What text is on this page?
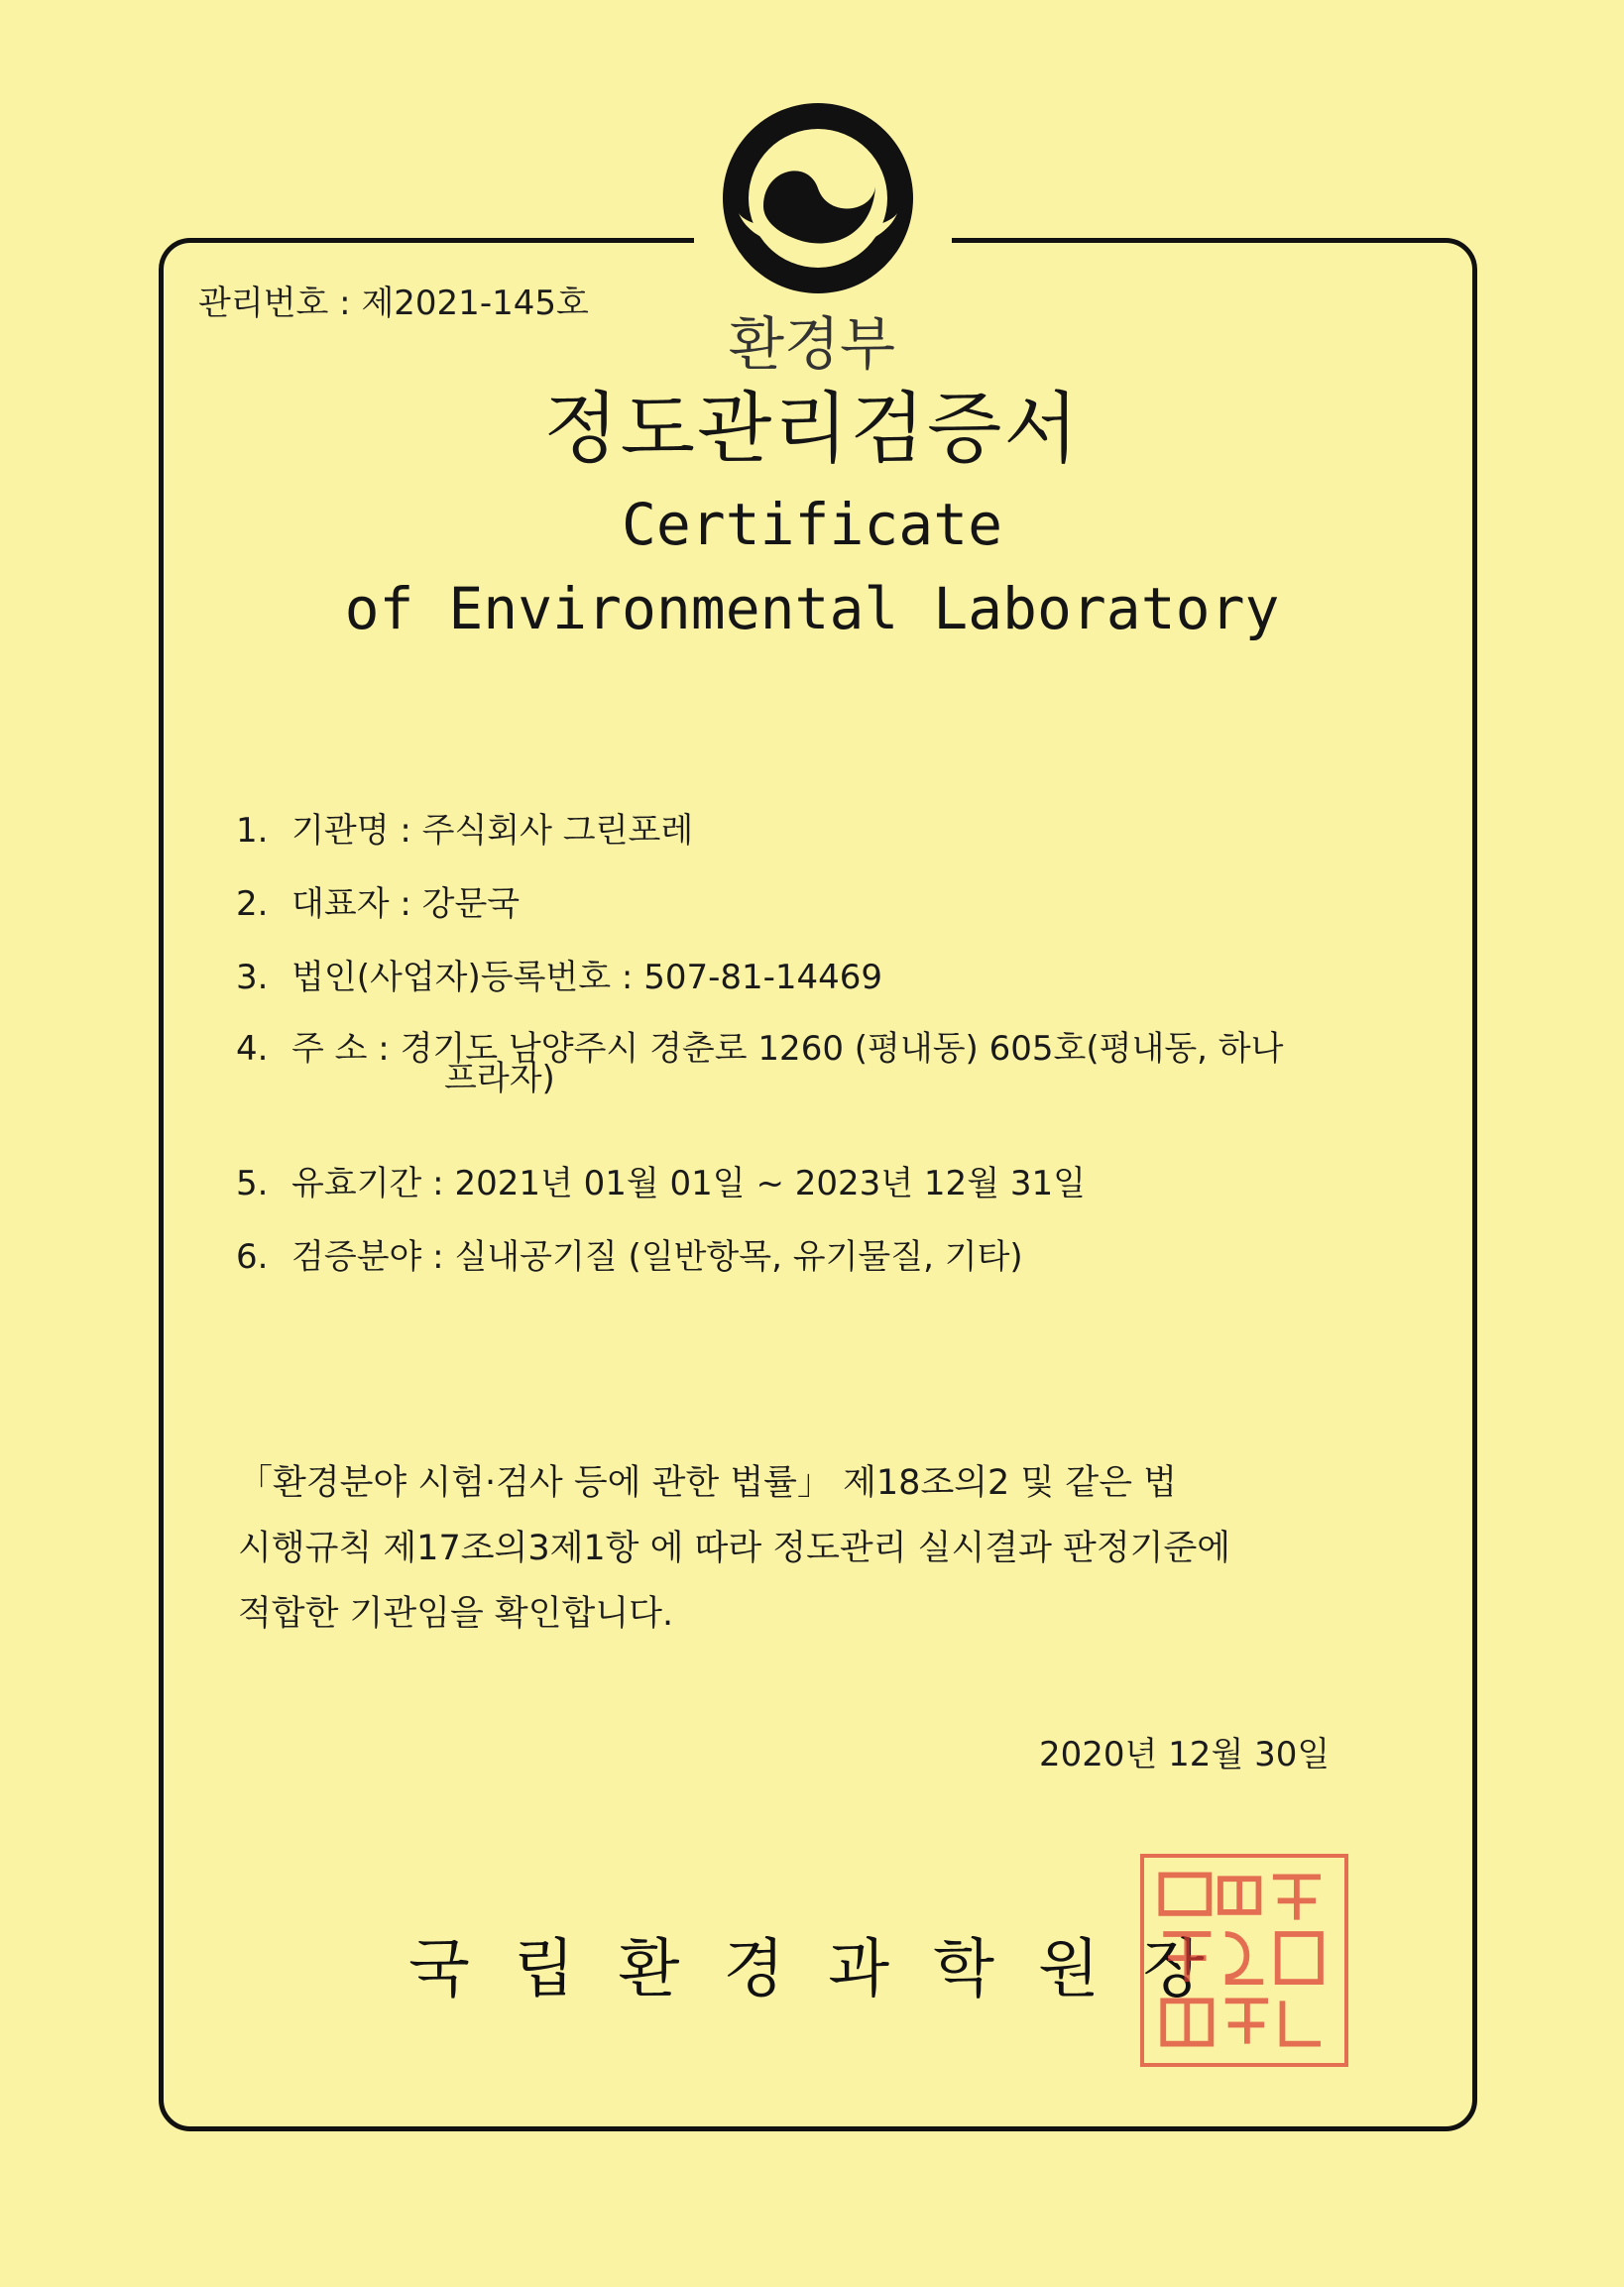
관리번호 : 제2021-145호
환경부
정도관리검증서
Certificate
of Environmental Laboratory
1. 기관명 : 주식회사 그린포레
2. 대표자 : 강문국
3. 법인(사업자)등록번호 : 507-81-14469
4. 주 소 : 경기도 남양주시 경춘로 1260 (평내동) 605호(평내동, 하나
프라자)
5. 유효기간 : 2021년 01월 01일 ~ 2023년 12월 31일
6. 검증분야 : 실내공기질 (일반항목, 유기물질, 기타)
「환경분야 시험·검사 등에 관한 법률」 제18조의2 및 같은 법
시행규칙 제17조의3제1항 에 따라 정도관리 실시결과 판정기준에
적합한 기관임을 확인합니다.
2020년 12월 30일
국립환경과학원장
